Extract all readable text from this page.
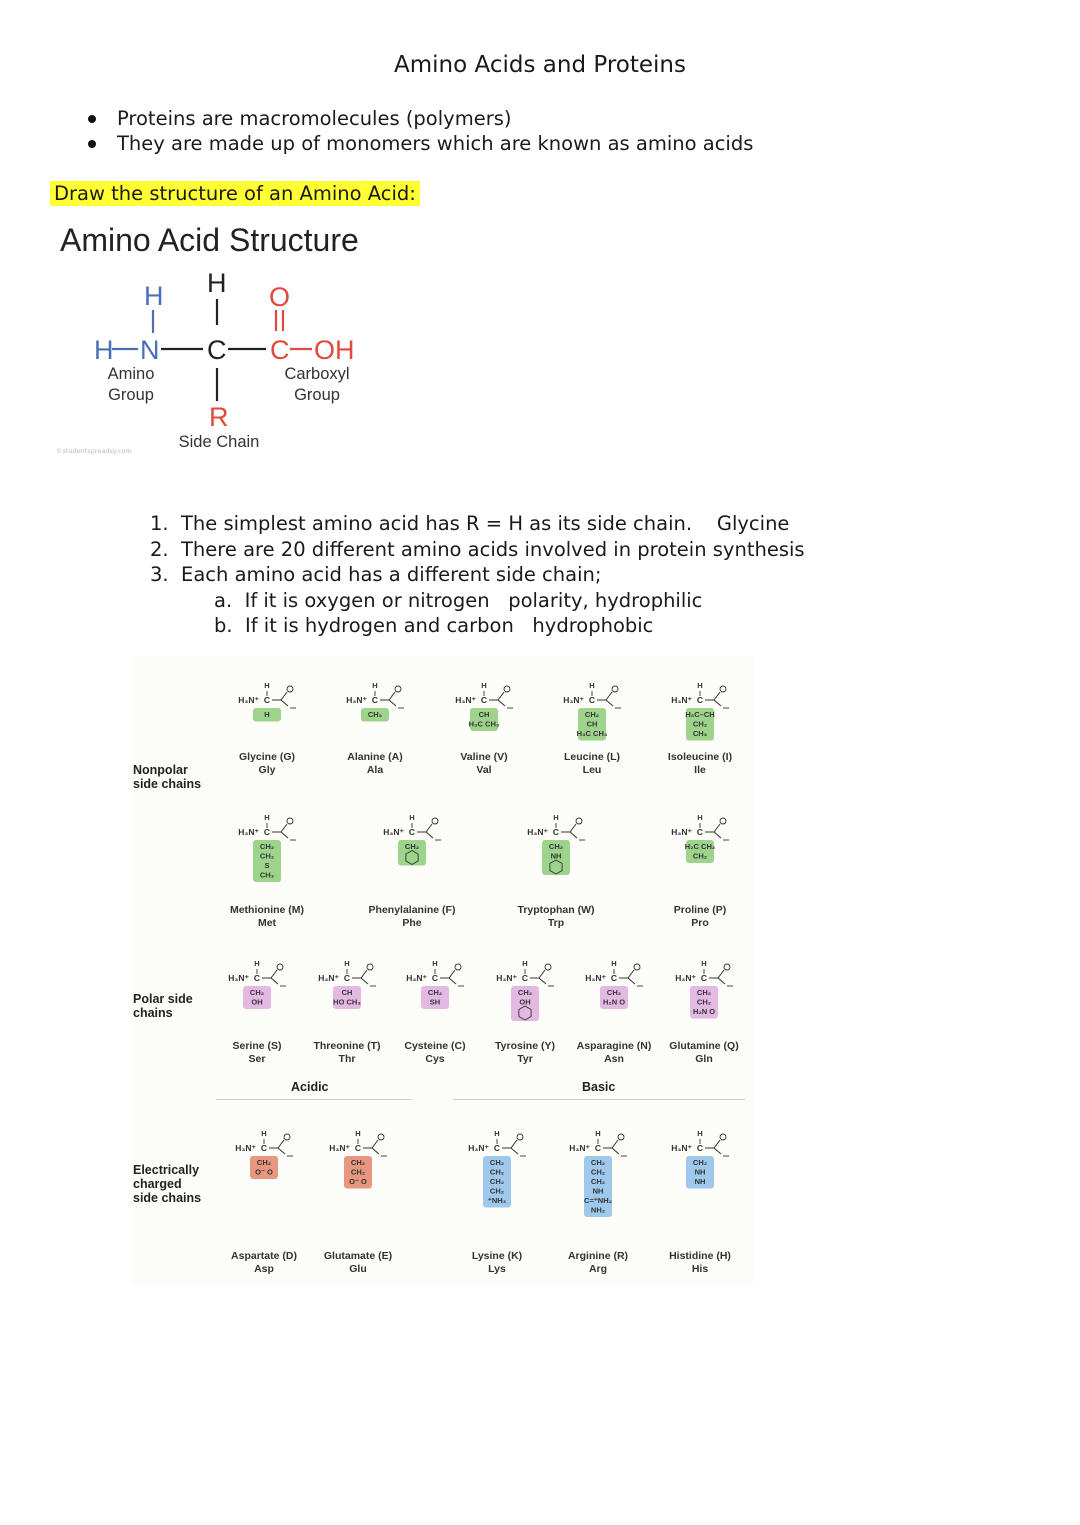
Amino Acids and Proteins
Proteins are macromolecules (polymers)
They are made up of monomers which are known as amino acids
Draw the structure of an Amino Acid:
Amino Acid Structure
H
H	O
H N C C OH
R
Amino
Group
Carboxyl
Group
Side Chain
©studentspreadsy.com
1. The simplest amino acid has R = H as its side chain. Glycine
2. There are 20 different amino acids involved in protein synthesis
3. Each amino acid has a different side chain;
a. If it is oxygen or nitrogen polarity, hydrophilic
b. If it is hydrogen and carbon hydrophobic
Nonpolar
side chains
Polar side
chains
Electrically
charged
side chains
Acidic	Basic
H₃N⁺ C
H
H
H₃N⁺ C
H
CH₃
H₃N⁺ C
H
CH
H₃C CH₃
H₃N⁺ C
H
CH₂
CH
H₃C CH₃
H₃N⁺ C
H
H₃C–CH
CH₂
CH₃
H₃N⁺ C
H
CH₂
CH₂
S
CH₃
H₃N⁺ C
H
CH₂
H₃N⁺ C
H
CH₂
NH
H₃N⁺ C
H
H₂C CH₂
CH₂
H₃N⁺ C
H
CH₂
OH
H₃N⁺ C
H
CH
HO CH₃
H₃N⁺ C
H
CH₂
SH
H₃N⁺ C
H
CH₂
OH
H₃N⁺ C
H
CH₂
H₂N O
H₃N⁺ C
H
CH₂
CH₂
H₂N O
H₃N⁺ C
H
CH₂
O⁻ O
H₃N⁺ C
H
CH₂
CH₂
O⁻ O
H₃N⁺ C
H
CH₂
CH₂
CH₂
CH₂
⁺NH₃
H₃N⁺ C
H
CH₂
CH₂
CH₂
NH
C=⁺NH₂
NH₂
H₃N⁺ C
H
CH₂
NH
NH
Glycine (G)
Gly
Alanine (A)
Ala
Valine (V)
Val
Leucine (L)
Leu
Isoleucine (I)
Ile
Methionine (M)
Met
Phenylalanine (F)
Phe
Tryptophan (W)
Trp
Proline (P)
Pro
Serine (S)
Ser
Threonine (T)
Thr
Cysteine (C)
Cys
Tyrosine (Y)
Tyr
Asparagine (N)
Asn
Glutamine (Q)
Gln
Aspartate (D)
Asp
Glutamate (E)
Glu
Lysine (K)
Lys
Arginine (R)
Arg
Histidine (H)
His
